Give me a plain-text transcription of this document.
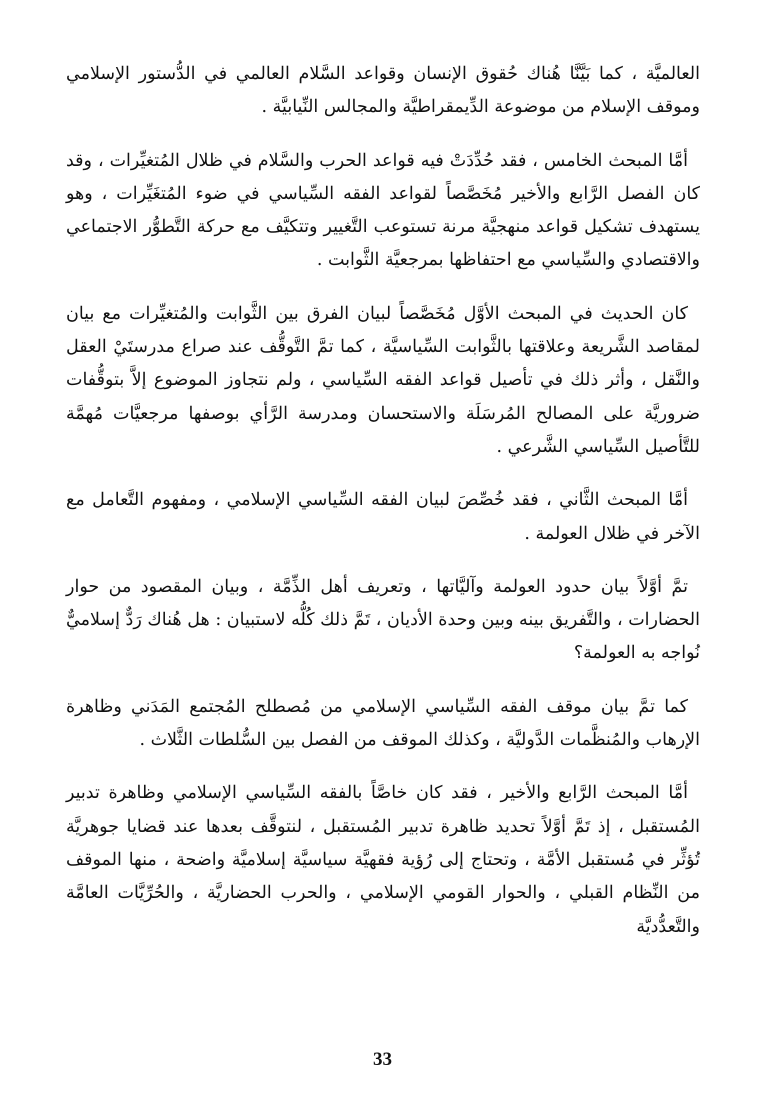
العالميَّة ، كما بَيَّنَّا هُناك حُقوق الإنسان وقواعد السَّلام العالمي في الدُّستور الإسلامي وموقف الإسلام من موضوعة الدِّيمقراطيَّة والمجالس النِّيابيَّة .

أمَّا المبحث الخامس ، فقد حُدِّدَتْ فيه قواعد الحرب والسَّلام في ظلال المُتغيِّرات ، وقد كان الفصل الرَّابع والأخير مُخَصَّصاً لقواعد الفقه السِّياسي في ضوء المُتغَيِّرات ، وهو يستهدف تشكيل قواعد منهجيَّة مرنة تستوعب التَّغيير وتتكيَّف مع حركة التَّطوُّر الاجتماعي والاقتصادي والسِّياسي مع احتفاظها بمرجعيَّة الثَّوابت .

كان الحديث في المبحث الأوَّل مُخَصَّصاً لبيان الفرق بين الثَّوابت والمُتغيِّرات مع بيان لمقاصد الشَّريعة وعلاقتها بالثَّوابت السِّياسيَّة ، كما تمَّ التَّوقُّف عند صراع مدرستَيْ العقل والنَّقل ، وأثر ذلك في تأصيل قواعد الفقه السِّياسي ، ولم نتجاوز الموضوع إلاَّ بتوقُّفات ضروريَّة على المصالح المُرسَلَة والاستحسان ومدرسة الرَّأي بوصفها مرجعيَّات مُهمَّة للتَّأصيل السِّياسي الشَّرعي .

أمَّا المبحث الثَّاني ، فقد خُصِّصَ لبيان الفقه السِّياسي الإسلامي ، ومفهوم التَّعامل مع الآخر في ظلال العولمة .

تمَّ أوَّلاً بيان حدود العولمة وآليَّاتها ، وتعريف أهل الذِّمَّة ، وبيان المقصود من حوار الحضارات ، والتَّفريق بينه وبين وحدة الأديان ، تَمَّ ذلك كُلُّه لاستبيان : هل هُناك رَدٌّ إسلاميٌّ نُواجه به العولمة؟

كما تمَّ بيان موقف الفقه السِّياسي الإسلامي من مُصطلح المُجتمع المَدَني وظاهرة الإرهاب والمُنظَّمات الدَّوليَّة ، وكذلك الموقف من الفصل بين السُّلطات الثَّلاث .

أمَّا المبحث الرَّابع والأخير ، فقد كان خاصَّاً بالفقه السِّياسي الإسلامي وظاهرة تدبير المُستقبل ، إذ تَمَّ أوَّلاً تحديد ظاهرة تدبير المُستقبل ، لنتوقَّف بعدها عند قضايا جوهريَّة تُؤثِّر في مُستقبل الأمَّة ، وتحتاج إلى رُؤية فقهيَّة سياسيَّة إسلاميَّة واضحة ، منها الموقف من النِّظام القبلي ، والحوار القومي الإسلامي ، والحرب الحضاريَّة ، والحُرِّيَّات العامَّة والتَّعدُّديَّة

33
